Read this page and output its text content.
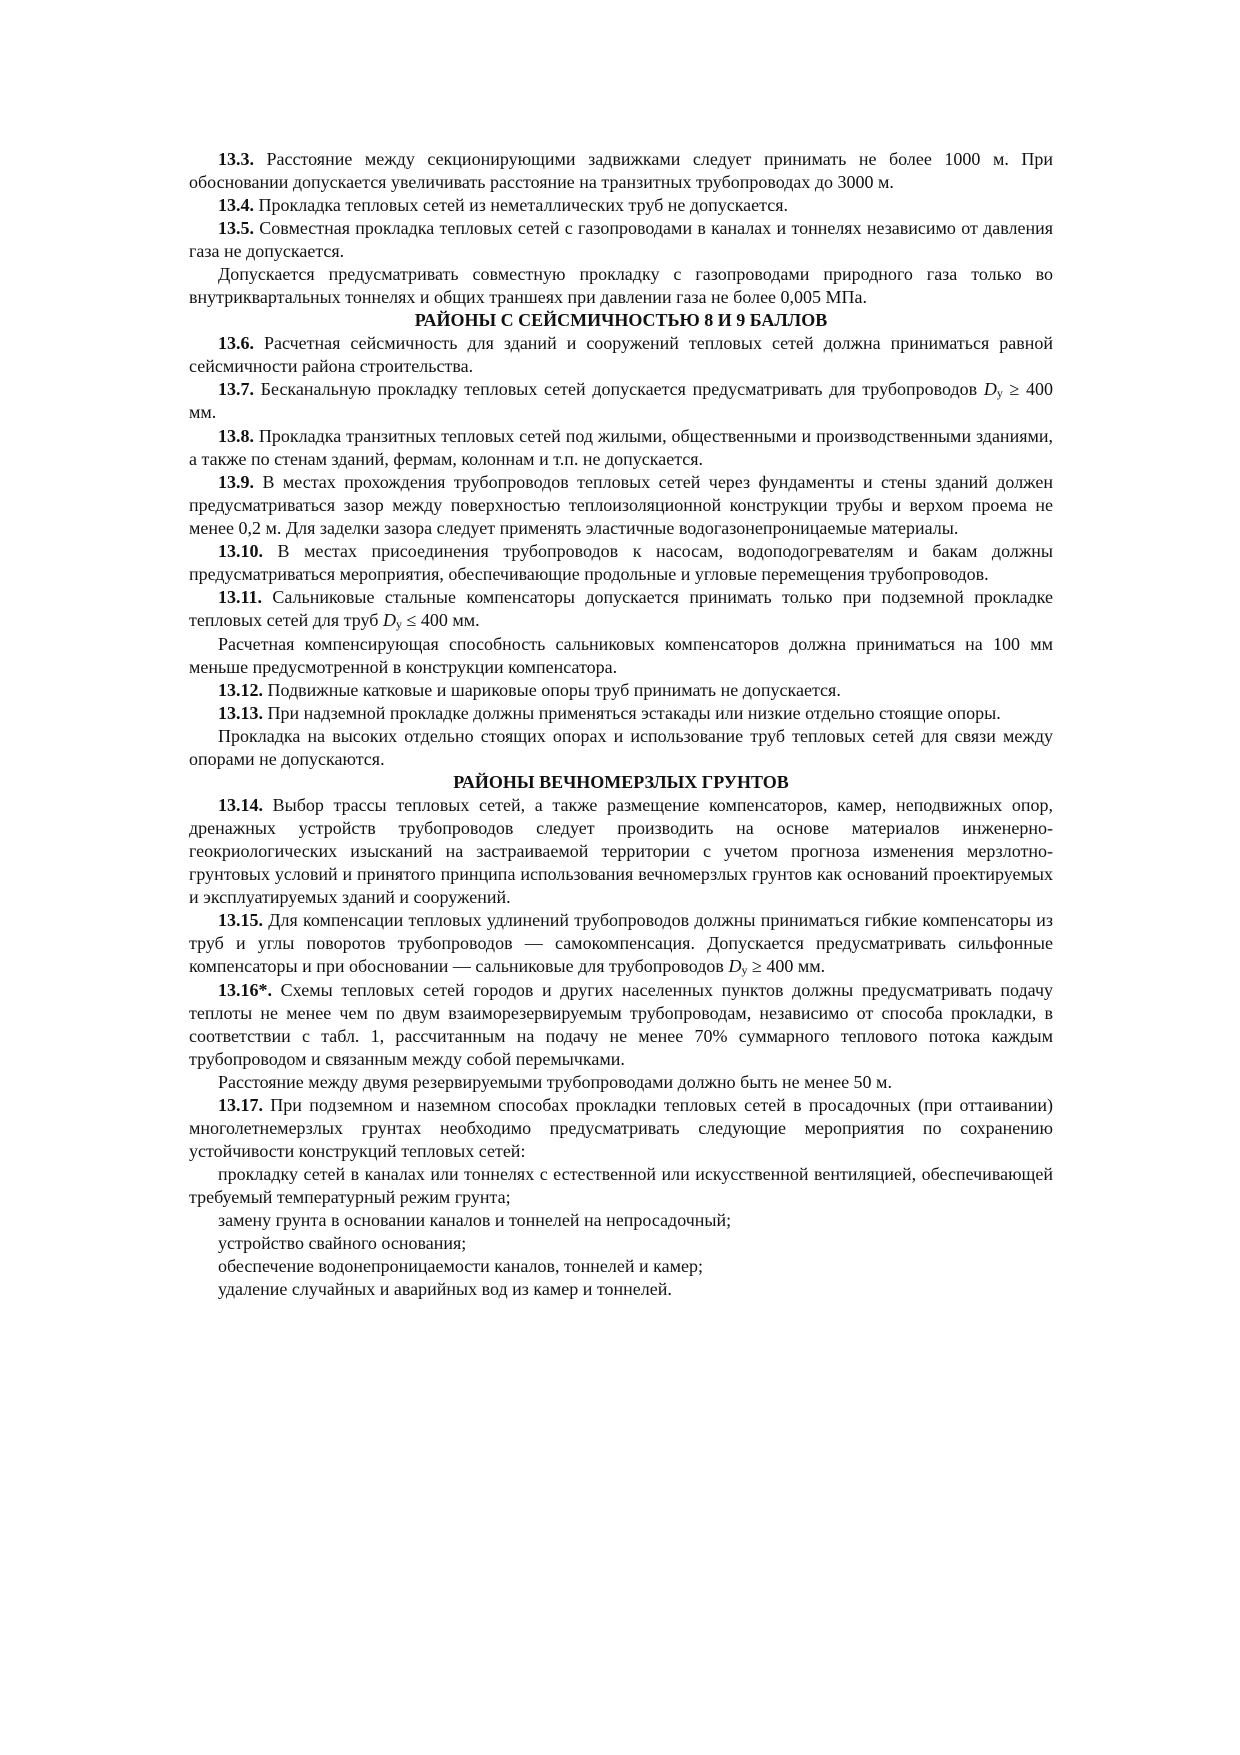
13.3. Расстояние между секционирующими задвижками следует принимать не более 1000 м. При обосновании допускается увеличивать расстояние на транзитных трубопроводах до 3000 м.

13.4. Прокладка тепловых сетей из неметаллических труб не допускается.

13.5. Совместная прокладка тепловых сетей с газопроводами в каналах и тоннелях независимо от давления газа не допускается.

Допускается предусматривать совместную прокладку с газопроводами природного газа только во внутриквартальных тоннелях и общих траншеях при давлении газа не более 0,005 МПа.

РАЙОНЫ С СЕЙСМИЧНОСТЬЮ 8 И 9 БАЛЛОВ

13.6. Расчетная сейсмичность для зданий и сооружений тепловых сетей должна приниматься равной сейсмичности района строительства.

13.7. Бесканальную прокладку тепловых сетей допускается предусматривать для трубопроводов $D_у \ge 400$ мм.

13.8. Прокладка транзитных тепловых сетей под жилыми, общественными и производственными зданиями, а также по стенам зданий, фермам, колоннам и т.п. не допускается.

13.9. В местах прохождения трубопроводов тепловых сетей через фундаменты и стены зданий должен предусматриваться зазор между поверхностью теплоизоляционной конструкции трубы и верхом проема не менее 0,2 м. Для заделки зазора следует применять эластичные водогазонепроницаемые материалы.

13.10. В местах присоединения трубопроводов к насосам, водоподогревателям и бакам должны предусматриваться мероприятия, обеспечивающие продольные и угловые перемещения трубопроводов.

13.11. Сальниковые стальные компенсаторы допускается принимать только при подземной прокладке тепловых сетей для труб $D_у \le 400$ мм.

Расчетная компенсирующая способность сальниковых компенсаторов должна приниматься на 100 мм меньше предусмотренной в конструкции компенсатора.

13.12. Подвижные катковые и шариковые опоры труб принимать не допускается.

13.13. При надземной прокладке должны применяться эстакады или низкие отдельно стоящие опоры.

Прокладка на высоких отдельно стоящих опорах и использование труб тепловых сетей для связи между опорами не допускаются.

РАЙОНЫ ВЕЧНОМЕРЗЛЫХ ГРУНТОВ

13.14. Выбор трассы тепловых сетей, а также размещение компенсаторов, камер, неподвижных опор, дренажных устройств трубопроводов следует производить на основе материалов инженерно-геокриологических изысканий на застраиваемой территории с учетом прогноза изменения мерзлотно-грунтовых условий и принятого принципа использования вечномерзлых грунтов как оснований проектируемых и эксплуатируемых зданий и сооружений.

13.15. Для компенсации тепловых удлинений трубопроводов должны приниматься гибкие компенсаторы из труб и углы поворотов трубопроводов — самокомпенсация. Допускается предусматривать сильфонные компенсаторы и при обосновании — сальниковые для трубопроводов $D_у \ge 400$ мм.

13.16*. Схемы тепловых сетей городов и других населенных пунктов должны предусматривать подачу теплоты не менее чем по двум взаиморезервируемым трубопроводам, независимо от способа прокладки, в соответствии с табл. 1, рассчитанным на подачу не менее 70% суммарного теплового потока каждым трубопроводом и связанным между собой перемычками.

Расстояние между двумя резервируемыми трубопроводами должно быть не менее 50 м.

13.17. При подземном и наземном способах прокладки тепловых сетей в просадочных (при оттаивании) многолетнемерзлых грунтах необходимо предусматривать следующие мероприятия по сохранению устойчивости конструкций тепловых сетей:

прокладку сетей в каналах или тоннелях с естественной или искусственной вентиляцией, обеспечивающей требуемый температурный режим грунта;

замену грунта в основании каналов и тоннелей на непросадочный;

устройство свайного основания;

обеспечение водонепроницаемости каналов, тоннелей и камер;

удаление случайных и аварийных вод из камер и тоннелей.
